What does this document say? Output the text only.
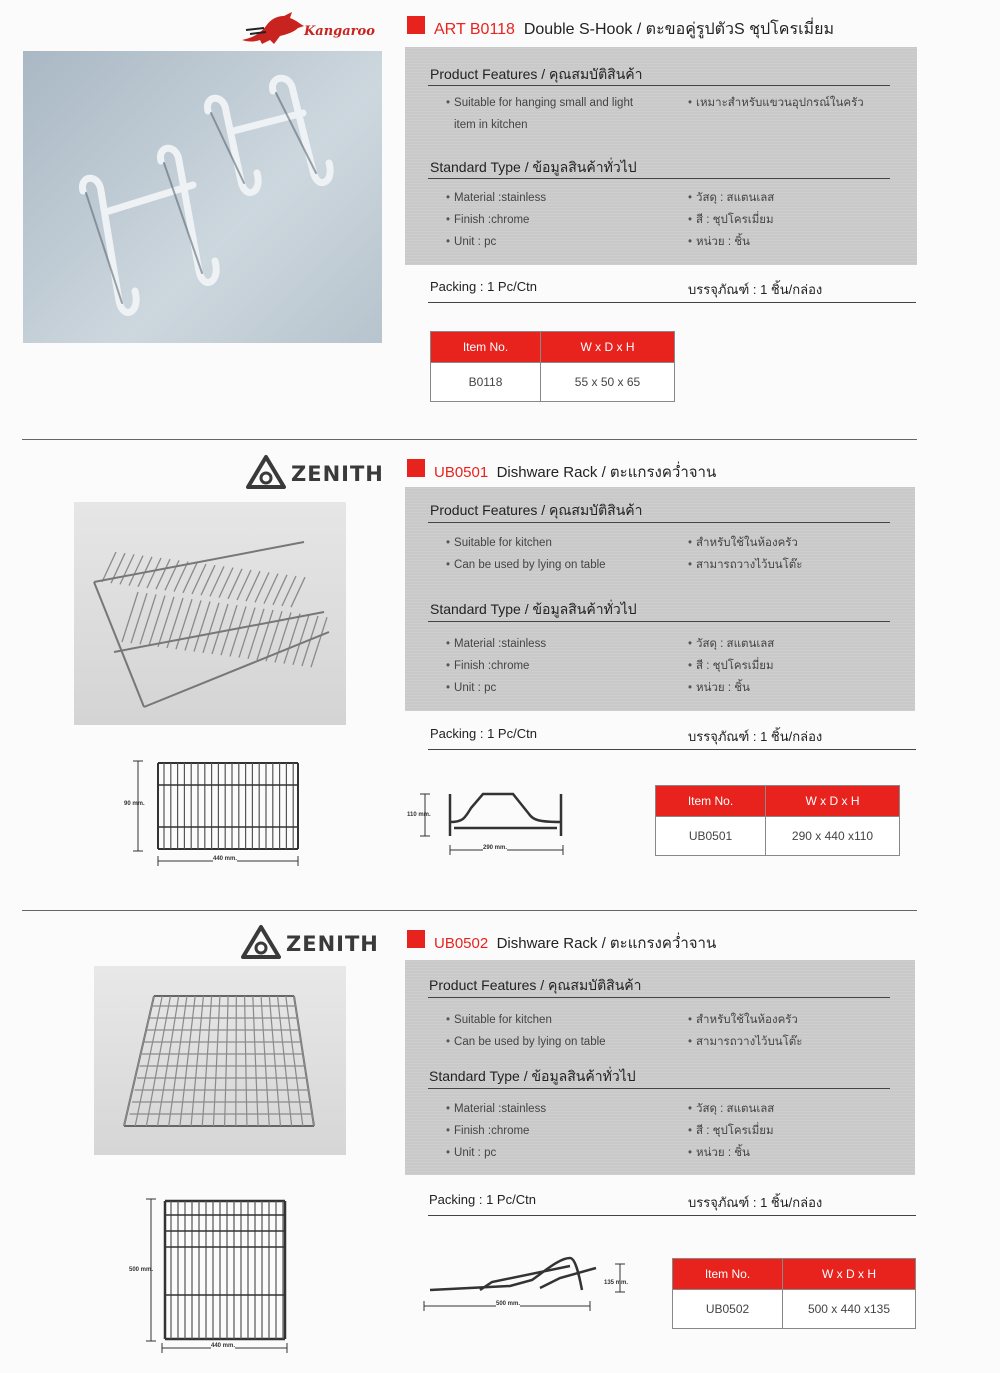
Kangaroo	ART B0118 Double S-Hook / ตะขอคู่รูปตัวS ชุปโครเมี่ยม
Product Features / คุณสมบัติสินค้า
• Suitable for hanging small and light
item in kitchen
• เหมาะสำหรับแขวนอุปกรณ์ในครัว
Standard Type / ข้อมูลสินค้าทั่วไป
• Material :stainless
• Finish :chrome
• Unit : pc
• วัสดุ : สแตนเลส
• สี : ชุปโครเมี่ยม
• หน่วย : ชิ้น
Packing : 1 Pc/Ctn	บรรจุภัณฑ์ : 1 ชิ้น/กล่อง
Item No.	W x D x H
B0118	55 x 50 x 65
ZENITH	UB0501 Dishware Rack / ตะแกรงคว่ำจาน
Product Features / คุณสมบัติสินค้า
• Suitable for kitchen
• Can be used by lying on table
• สำหรับใช้ในห้องครัว
• สามารถวางไว้บนโต๊ะ
Standard Type / ข้อมูลสินค้าทั่วไป
• Material :stainless
• Finish :chrome
• Unit : pc
• วัสดุ : สแตนเลส
• สี : ชุปโครเมี่ยม
• หน่วย : ชิ้น
Packing : 1 Pc/Ctn	บรรจุภัณฑ์ : 1 ชิ้น/กล่อง
90 mm.
440 mm.
110 mm.
290 mm.
Item No.	W x D x H
UB0501	290 x 440 x110
ZENITH	UB0502 Dishware Rack / ตะแกรงคว่ำจาน
Product Features / คุณสมบัติสินค้า
• Suitable for kitchen
• Can be used by lying on table
• สำหรับใช้ในห้องครัว
• สามารถวางไว้บนโต๊ะ
Standard Type / ข้อมูลสินค้าทั่วไป
• Material :stainless
• Finish :chrome
• Unit : pc
• วัสดุ : สแตนเลส
• สี : ชุปโครเมี่ยม
• หน่วย : ชิ้น
Packing : 1 Pc/Ctn	บรรจุภัณฑ์ : 1 ชิ้น/กล่อง
500 mm.
440 mm.
135 mm.
500 mm.
Item No.	W x D x H
UB0502	500 x 440 x135
